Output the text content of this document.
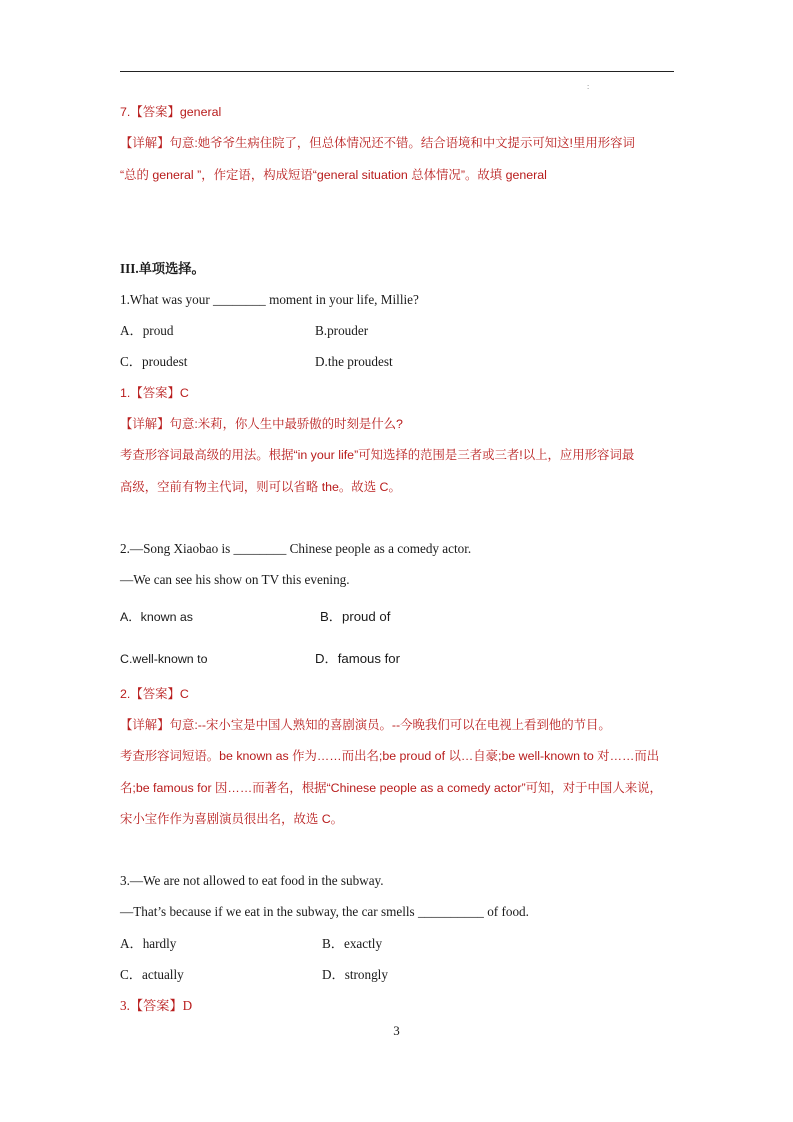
:
7.【答案】general
【详解】句意:她爷爷生病住院了，但总体情况还不错。结合语境和中文提示可知这!里用形容词
“总的 general ”，作定语，构成短语“general situation 总体情况”。故填 general
III.单项选择。
1.What was your ________ moment in your life, Millie?
A．proud	B.prouder
C．proudest	D.the proudest
1.【答案】C
【详解】句意:米莉，你人生中最骄傲的时刻是什么?
考查形容词最高级的用法。根据“in your life”可知选择的范围是三者或三者!以上，应用形容词最
高级，空前有物主代词，则可以省略 the。故选 C。
2.—Song Xiaobao is ________ Chinese people as a comedy actor.
—We can see his show on TV this evening.
A．known as	B．proud of
C.well-known to	D．famous for
2.【答案】C
【详解】句意:--宋小宝是中国人熟知的喜剧演员。--今晚我们可以在电视上看到他的节目。
考查形容词短语。be known as 作为……而出名;be proud of 以…自豪;be well-known to 对……而出
名;be famous for 因……而著名，根据“Chinese people as a comedy actor”可知，对于中国人来说，
宋小宝作作为喜剧演员很出名，故选 C。
3.—We are not allowed to eat food in the subway.
—That’s because if we eat in the subway, the car smells __________ of food.
A．hardly	B．exactly
C．actually	D．strongly
3.【答案】D
3
